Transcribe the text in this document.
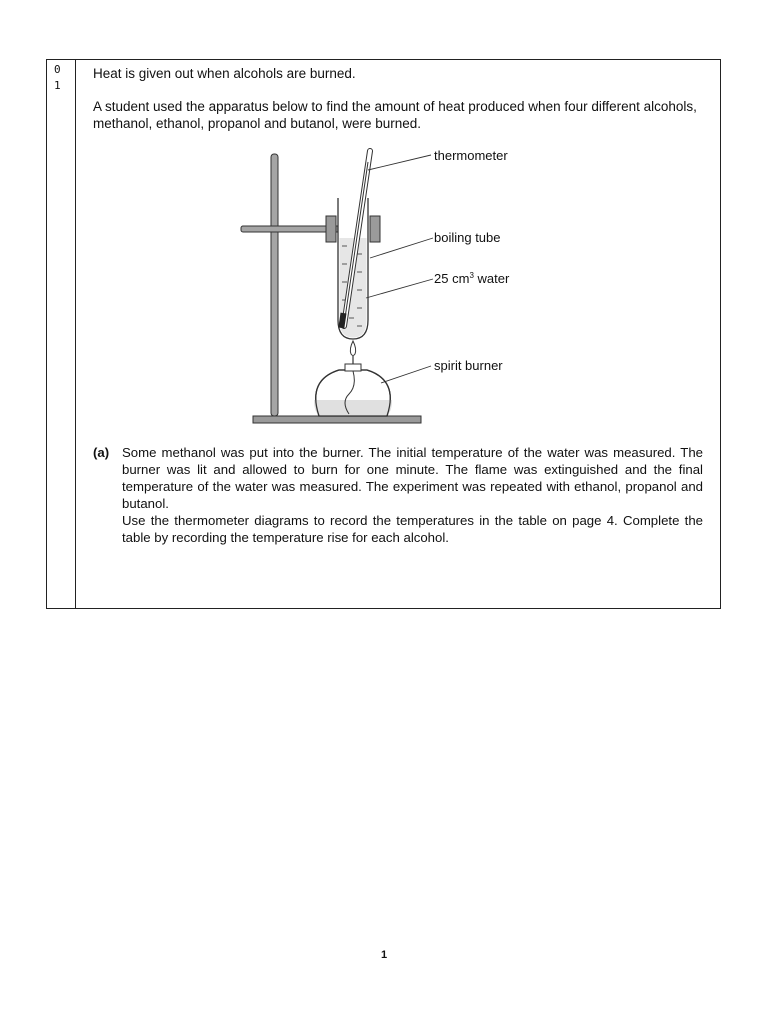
0
1
Heat is given out when alcohols are burned.
A student used the apparatus below to find the amount of heat produced when four different alcohols, methanol, ethanol, propanol and butanol, were burned.
thermometer
boiling tube
25 $cm^3$ water
spirit burner
(a) Some methanol was put into the burner. The initial temperature of the water was measured. The burner was lit and allowed to burn for one minute. The flame was extinguished and the final temperature of the water was measured. The experiment was repeated with ethanol, propanol and butanol.

Use the thermometer diagrams to record the temperatures in the table on page 4. Complete the table by recording the temperature rise for each alcohol.

1
